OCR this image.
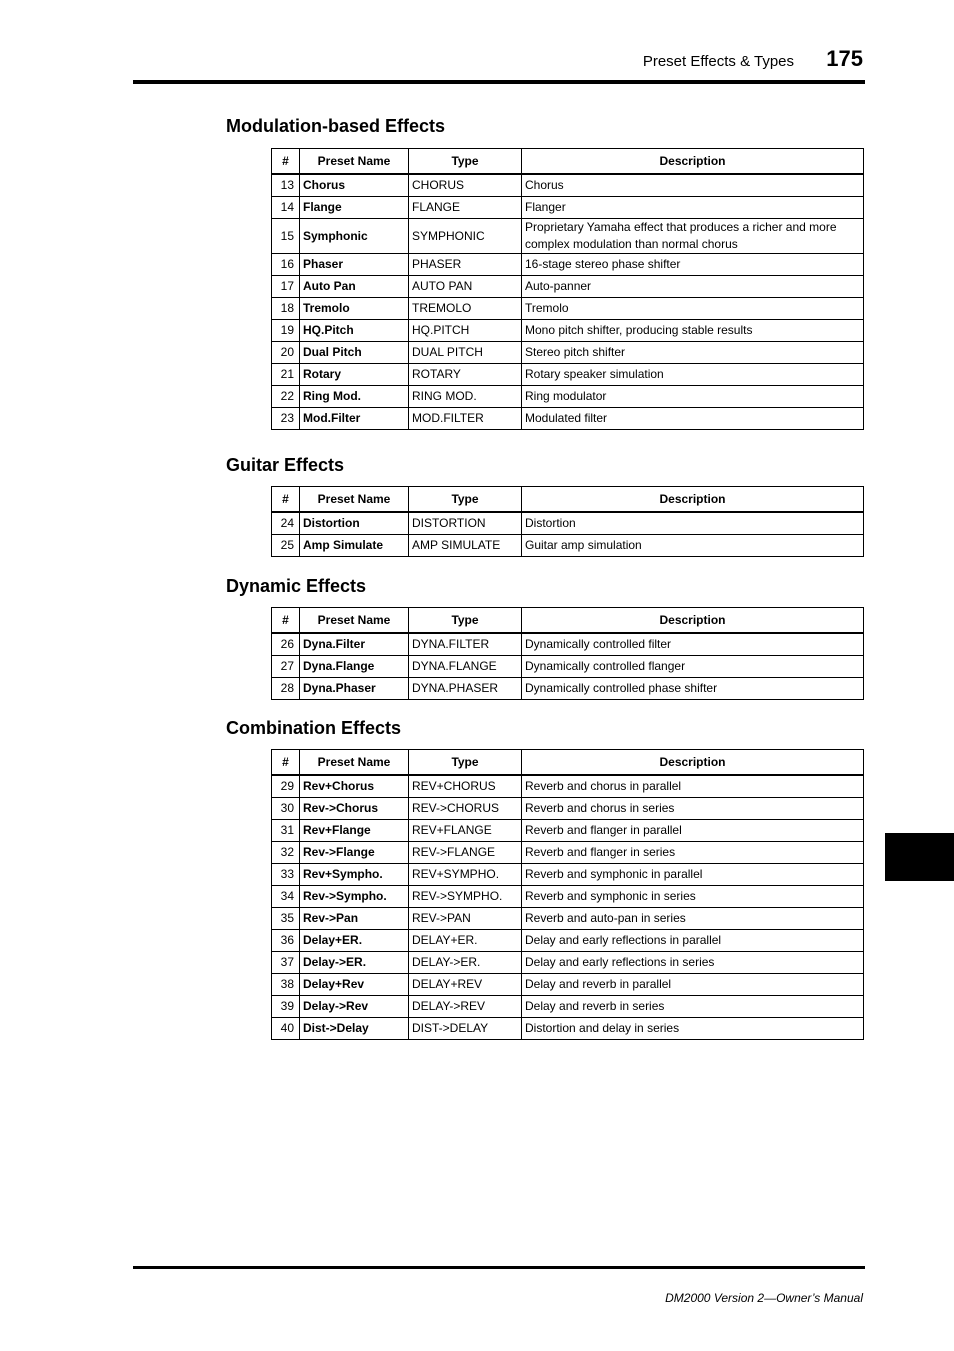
Preset Effects & Types 175
Modulation-based Effects
#	Preset Name	Type	Description
13	Chorus	CHORUS	Chorus
14	Flange	FLANGE	Flanger
15	Symphonic	SYMPHONIC	Proprietary Yamaha effect that produces a richer and more complex modulation than normal chorus
16	Phaser	PHASER	16-stage stereo phase shifter
17	Auto Pan	AUTO PAN	Auto-panner
18	Tremolo	TREMOLO	Tremolo
19	HQ.Pitch	HQ.PITCH	Mono pitch shifter, producing stable results
20	Dual Pitch	DUAL PITCH	Stereo pitch shifter
21	Rotary	ROTARY	Rotary speaker simulation
22	Ring Mod.	RING MOD.	Ring modulator
23	Mod.Filter	MOD.FILTER	Modulated filter
Guitar Effects
#	Preset Name	Type	Description
24	Distortion	DISTORTION	Distortion
25	Amp Simulate	AMP SIMULATE	Guitar amp simulation
Dynamic Effects
#	Preset Name	Type	Description
26	Dyna.Filter	DYNA.FILTER	Dynamically controlled filter
27	Dyna.Flange	DYNA.FLANGE	Dynamically controlled flanger
28	Dyna.Phaser	DYNA.PHASER	Dynamically controlled phase shifter
Combination Effects
#	Preset Name	Type	Description
29	Rev+Chorus	REV+CHORUS	Reverb and chorus in parallel
30	Rev->Chorus	REV->CHORUS	Reverb and chorus in series
31	Rev+Flange	REV+FLANGE	Reverb and flanger in parallel
32	Rev->Flange	REV->FLANGE	Reverb and flanger in series
33	Rev+Sympho.	REV+SYMPHO.	Reverb and symphonic in parallel
34	Rev->Sympho.	REV->SYMPHO.	Reverb and symphonic in series
35	Rev->Pan	REV->PAN	Reverb and auto-pan in series
36	Delay+ER.	DELAY+ER.	Delay and early reflections in parallel
37	Delay->ER.	DELAY->ER.	Delay and early reflections in series
38	Delay+Rev	DELAY+REV	Delay and reverb in parallel
39	Delay->Rev	DELAY->REV	Delay and reverb in series
40	Dist->Delay	DIST->DELAY	Distortion and delay in series
DM2000 Version 2—Owner’s Manual
